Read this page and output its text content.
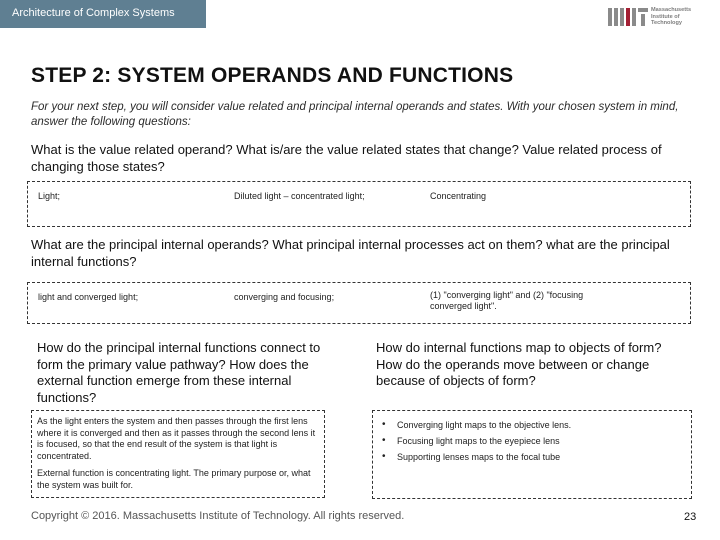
Architecture of Complex Systems	Massachusetts
Institute of
Technology
STEP 2: SYSTEM OPERANDS AND FUNCTIONS
For your next step, you will consider value related and principal internal operands and states. With your chosen system in mind, answer the following questions:
What is the value related operand? What is/are the value related states that change? Value related process of changing those states?
Light;	Diluted light – concentrated light;	Concentrating
What are the principal internal operands? What principal internal processes act on them? what are the principal internal functions?
light and converged light;	converging and focusing;	(1) "converging light" and (2) "focusing converged light".
How do the principal internal functions connect to form the primary value pathway? How does the external function emerge from these internal functions?
As the light enters the system and then passes through the first lens where it is converged and then as it passes through the second lens it is focused, so that the end result of the system is that light is concentrated.
External function is concentrating light. The primary purpose or, what the system was built for.
How do internal functions map to objects of form? How do the operands move between or change because of objects of form?
• Converging light maps to the objective lens.
• Focusing light maps to the eyepiece lens
• Supporting lenses maps to the focal tube
Copyright © 2016. Massachusetts Institute of Technology. All rights reserved.	23
